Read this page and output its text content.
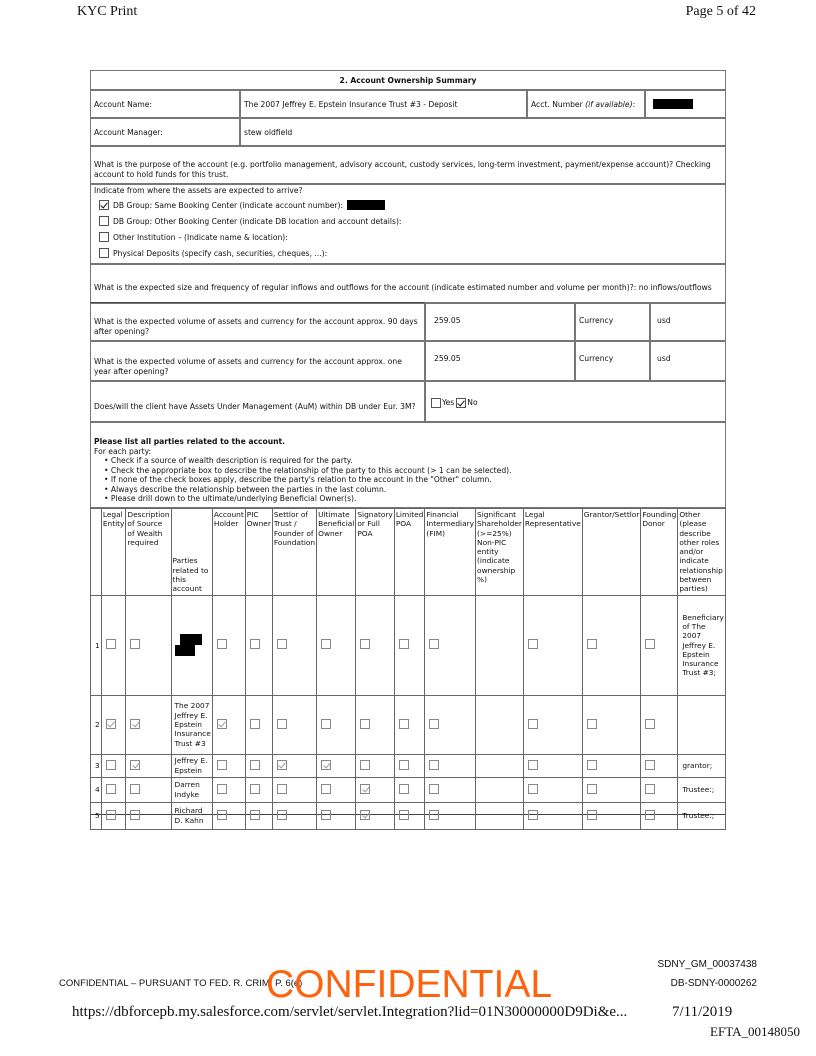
KYC Print	Page 5 of 42
2. Account Ownership Summary
Account Name:	The 2007 Jeffrey E. Epstein Insurance Trust #3 - Deposit	Acct. Number
(if available) :
Account Manager:	stew oldfield
What is the purpose of the account (e.g. portfolio management, advisory account, custody services, long-term investment, payment/expense account)? Checking account to hold funds for this trust.
Indicate from where the assets are expected to arrive?
DB Group: Same Booking Center (indicate account number):
DB Group: Other Booking Center (indicate DB location and account details):
Other Institution – (Indicate name & location):
Physical Deposits (specify cash, securities, cheques, ...):
What is the expected size and frequency of regular inflows and outflows for the account (indicate estimated number and volume per month)?: no inflows/outflows
What is the expected volume of assets and currency for the account approx. 90 days after opening?
259.05	Currency	usd
What is the expected volume of assets and currency for the account approx. one year after opening?
259.05	Currency	usd
Does/will the client have Assets Under Management (AuM) within DB under Eur. 3M?	Yes No
Please list all parties related to the account.
For each party:
• Check if a source of wealth description is required for the party.
• Check the appropriate box to describe the relationship of the party to this account (> 1 can be selected).
• If none of the check boxes apply, describe the party's relation to the account in the "Other" column.
• Always describe the relationship between the parties in the last column.
• Please drill down to the ultimate/underlying Beneficial Owner(s).
	Legal Entity	Description of Source of Wealth required	Parties related to this account	Account Holder	PIC Owner	Settlor of Trust / Founder of Foundation	Ultimate Beneficial Owner	Signatory or Full POA	Limited POA	Financial Intermediary (FIM)	Significant Shareholder (>=25%) Non-PIC entity (indicate ownership %)	Legal Representative	Grantor/Settlor	Founding Donor	Other (please describe other roles and/or indicate relationship between parties)
1															Beneficiary of The 2007 Jeffrey E. Epstein Insurance Trust #3;
2			The 2007 Jeffrey E. Epstein Insurance Trust #3												
3			Jeffrey E. Epstein												grantor;
4			Darren Indyke												Trustee:;
5			Richard D. Kahn												Trustee:;
SDNY_GM_00037438
CONFIDENTIAL – PURSUANT TO FED. R. CRIM. P. 6(e)
CONFIDENTIAL	DB-SDNY-0000262
https://dbforcepb.my.salesforce.com/servlet/servlet.Integration?lid=01N30000000D9Di&e...	7/11/2019
EFTA_00148050
